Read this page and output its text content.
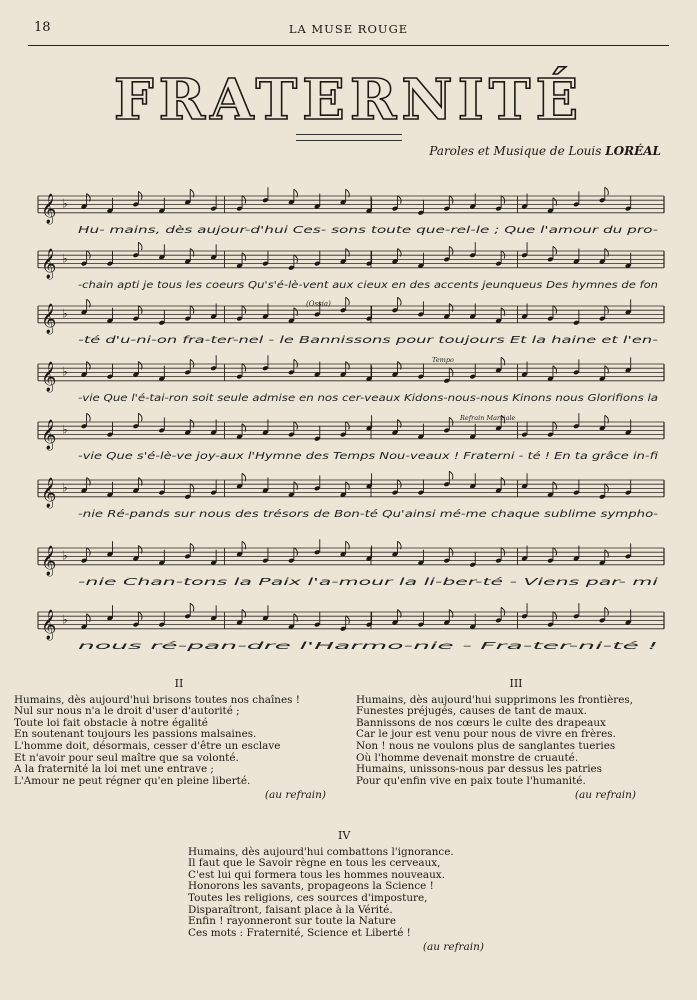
18	LA MUSE ROUGE
FRATERNITÉ
Paroles et Musique de Louis LORÉAL
𝄞 ♭
Hu- mains, dès aujour-d'hui Ces- sons toute que-rel-le ; Que l'amour du pro-
𝄞 ♭
-chain apti je tous les coeurs Qu's'é-lè-vent aux cieux en des accents jeunqueus Des hymnes de fon
𝄞 ♭
-té d'u-ni-on fra-ter-nel - le Bannissons pour toujours Et la haine et l'en-
𝄞 ♭
-vie Que l'é-tai-ron soit seule admise en nos cer-veaux Kidons-nous-nous Kinons nous Glorifions la
𝄞 ♭
-vie Que s'é-lè-ve joy-aux l'Hymne des Temps Nou-veaux ! Fraterni - té ! En ta grâce in-fi
𝄞 ♭
-nie Ré-pands sur nous des trésors de Bon-té Qu'ainsi mé-me chaque sublime sympho-
𝄞 ♭
-nie Chan-tons la Paix l'a-mour la li-ber-té - Viens par- mi
𝄞 ♭
nous ré-pan-dre l'Harmo-nie - Fra-ter-ni-té !
(Ossia)
Tempo
Refrain Marziale
II
Humains, dès aujourd'hui brisons toutes nos chaînes !
Nul sur nous n'a le droit d'user d'autorité ;
Toute loi fait obstacle à notre égalité
En soutenant toujours les passions malsaines.
L'homme doit, désormais, cesser d'être un esclave
Et n'avoir pour seul maître que sa volonté.
A la fraternité la loi met une entrave ;
L'Amour ne peut régner qu'en pleine liberté.
(au refrain)
III
Humains, dès aujourd'hui supprimons les frontières,
Funestes préjugés, causes de tant de maux.
Bannissons de nos cœurs le culte des drapeaux
Car le jour est venu pour nous de vivre en frères.
Non ! nous ne voulons plus de sanglantes tueries
Où l'homme devenait monstre de cruauté.
Humains, unissons-nous par dessus les patries
Pour qu'enfin vive en paix toute l'humanité.
(au refrain)
IV
Humains, dès aujourd'hui combattons l'ignorance.
Il faut que le Savoir règne en tous les cerveaux,
C'est lui qui formera tous les hommes nouveaux.
Honorons les savants, propageons la Science !
Toutes les religions, ces sources d'imposture,
Disparaîtront, faisant place à la Vérité.
Enfin ! rayonneront sur toute la Nature
Ces mots : Fraternité, Science et Liberté !
(au refrain)
